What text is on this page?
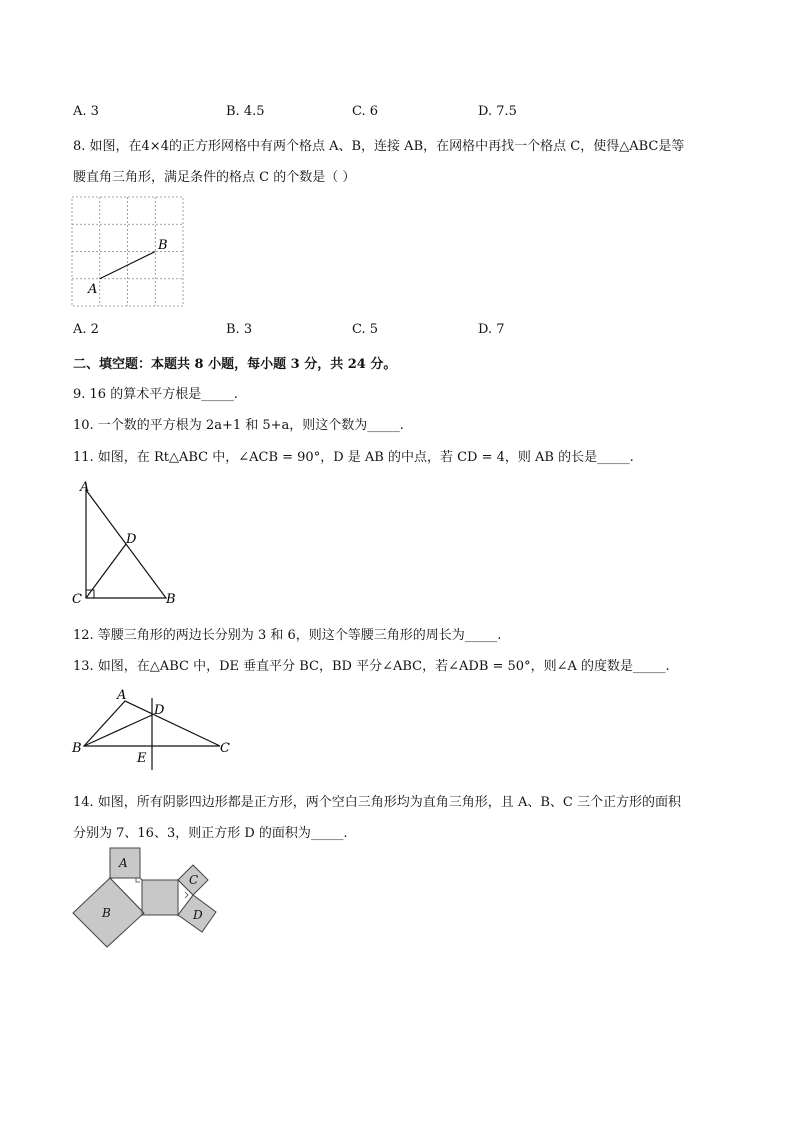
A. 3	B. 4.5	C. 6	D. 7.5
8. 如图，在4×4的正方形网格中有两个格点 A、B，连接 AB，在网格中再找一个格点 C，使得△ABC是等
腰直角三角形，满足条件的格点 C 的个数是（ ）
A
B
A. 2	B. 3	C. 5	D. 7
二、填空题：本题共 8 小题，每小题 3 分，共 24 分。
9. 16 的算术平方根是_____.
10. 一个数的平方根为 2a+1 和 5+a，则这个数为_____.
11. 如图，在 Rt△ABC 中，∠ACB = 90°，D 是 AB 的中点，若 CD = 4，则 AB 的长是_____.
A
D
C	B
12. 等腰三角形的两边长分别为 3 和 6，则这个等腰三角形的周长为_____.
13. 如图，在△ABC 中，DE 垂直平分 BC，BD 平分∠ABC，若∠ADB = 50°，则∠A 的度数是_____.
A
D
B	C
E
14. 如图，所有阴影四边形都是正方形，两个空白三角形均为直角三角形，且 A、B、C 三个正方形的面积
分别为 7、16、3，则正方形 D 的面积为_____.
A
B
C
D
